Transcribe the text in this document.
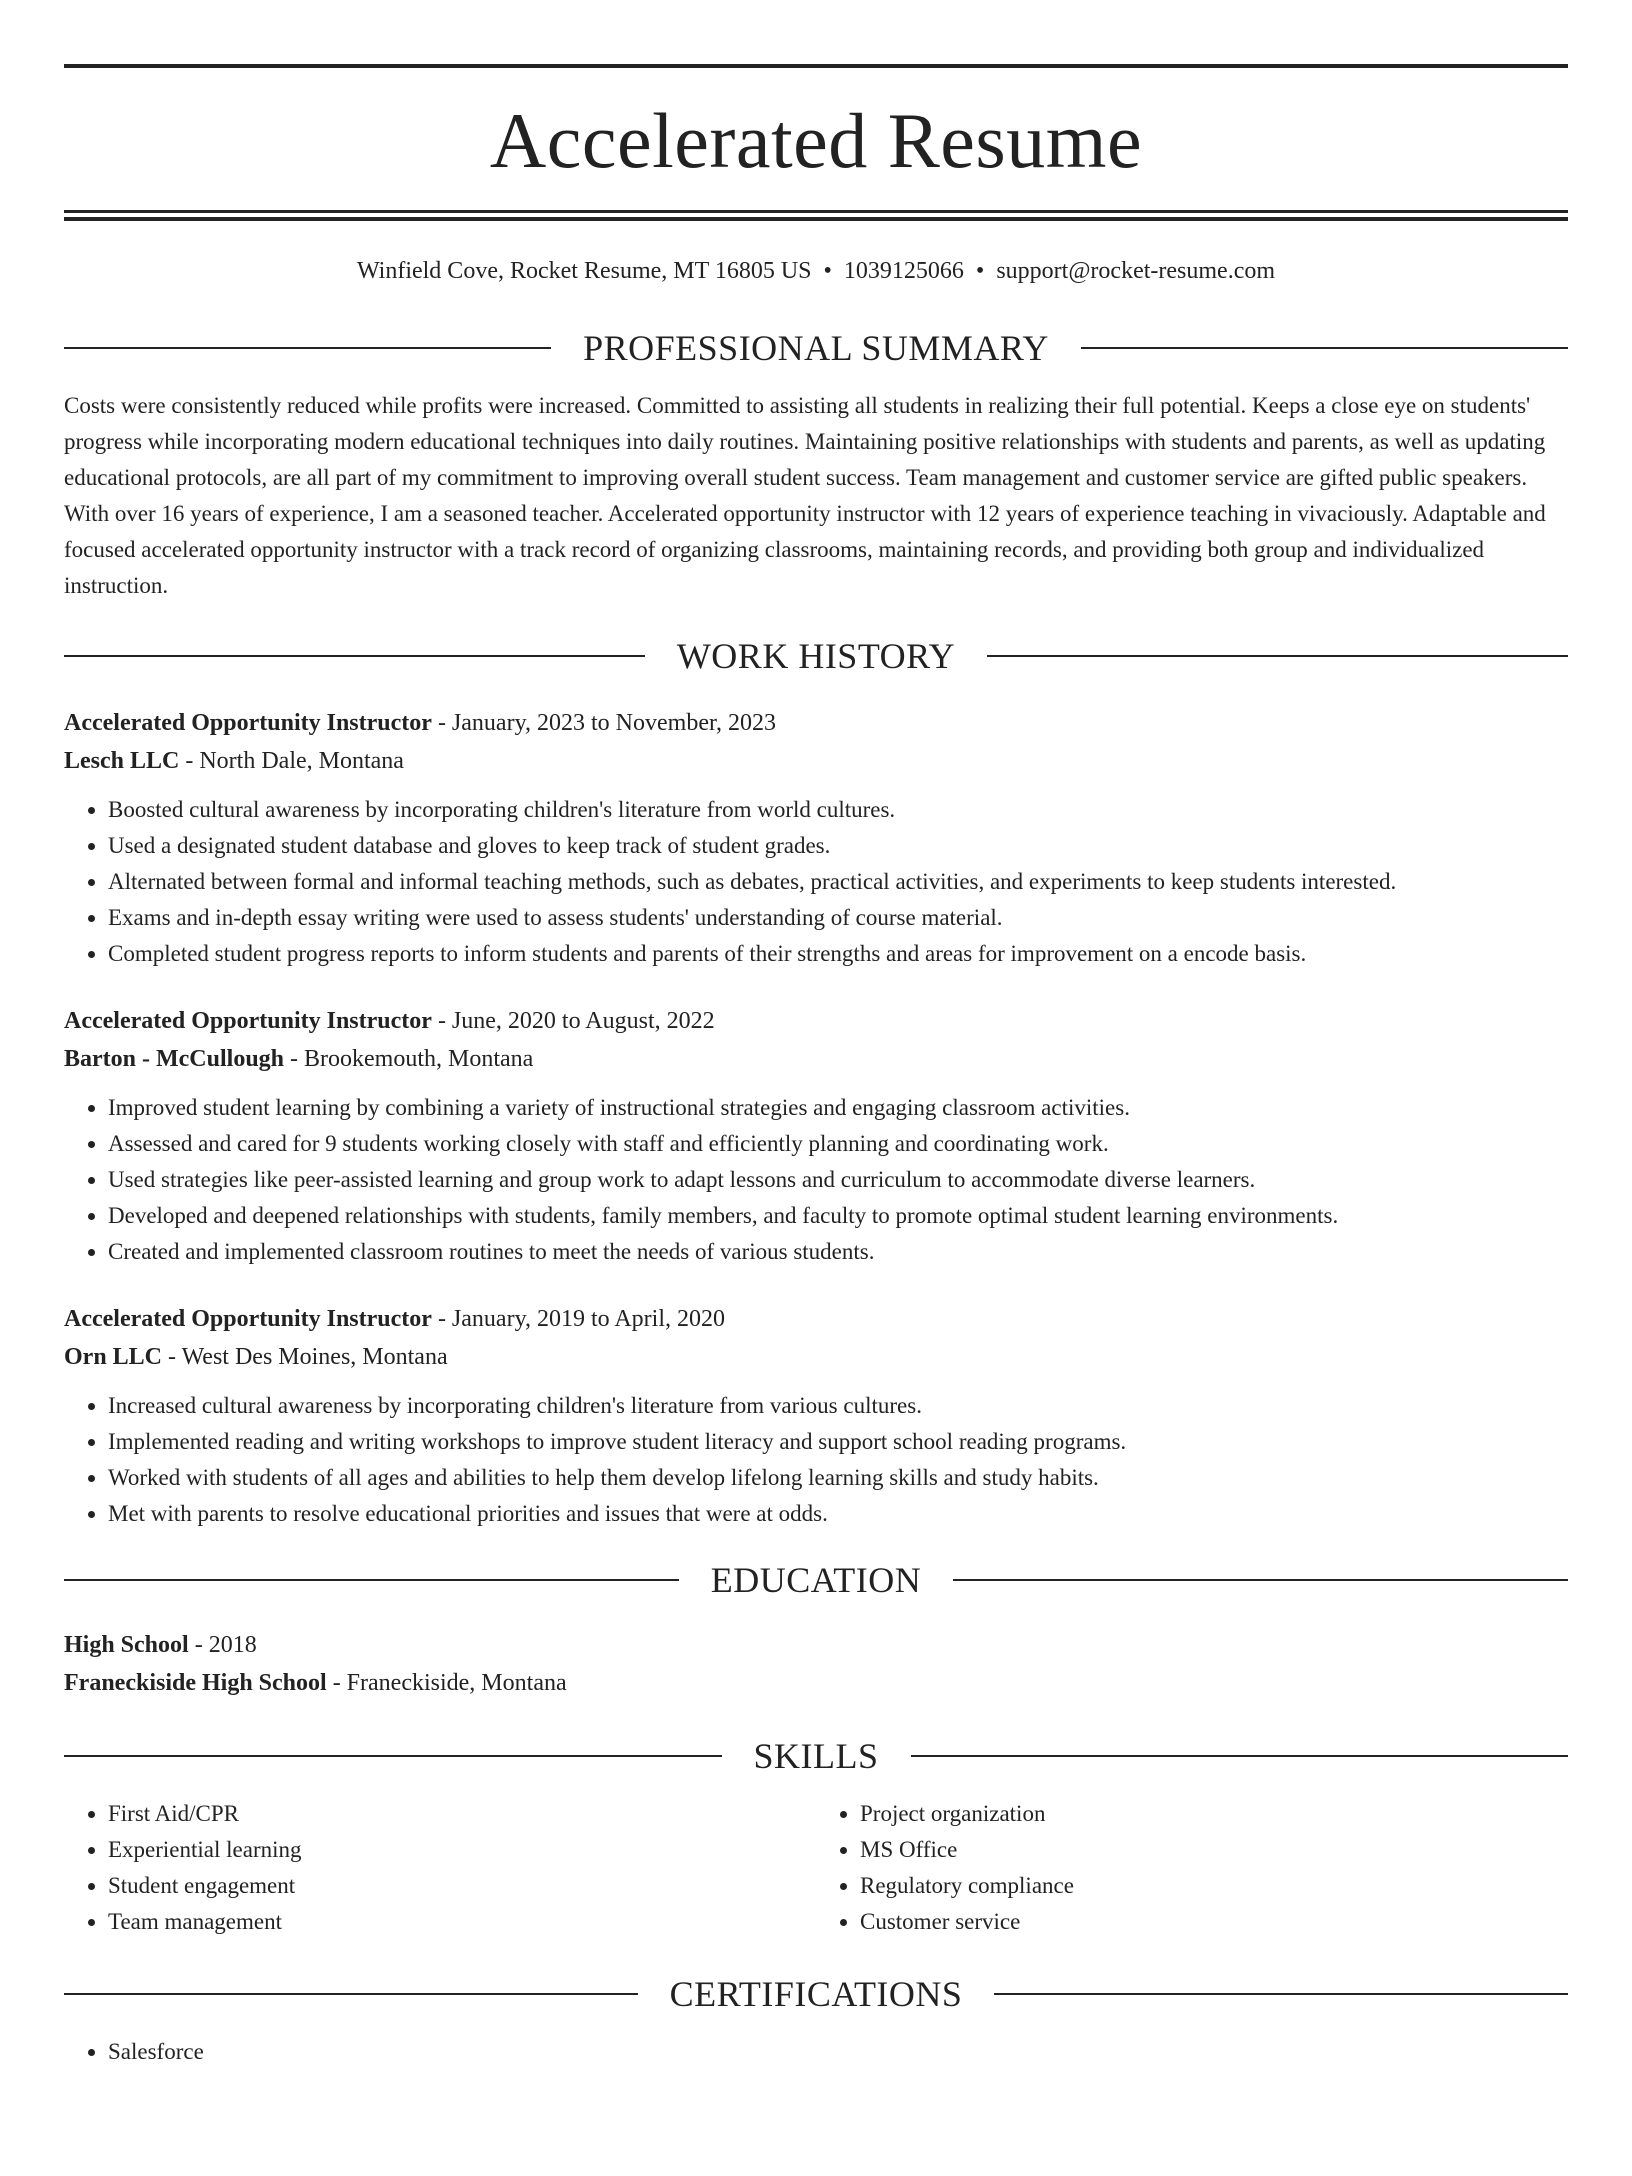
Accelerated Resume
Winfield Cove, Rocket Resume, MT 16805 US • 1039125066 • support@rocket-resume.com
PROFESSIONAL SUMMARY

Costs were consistently reduced while profits were increased. Committed to assisting all students in realizing their full potential. Keeps a close eye on students' progress while incorporating modern educational techniques into daily routines. Maintaining positive relationships with students and parents, as well as updating educational protocols, are all part of my commitment to improving overall student success. Team management and customer service are gifted public speakers. With over 16 years of experience, I am a seasoned teacher. Accelerated opportunity instructor with 12 years of experience teaching in vivaciously. Adaptable and focused accelerated opportunity instructor with a track record of organizing classrooms, maintaining records, and providing both group and individualized instruction.

WORK HISTORY
Accelerated Opportunity Instructor - January, 2023 to November, 2023
Lesch LLC - North Dale, Montana
• Boosted cultural awareness by incorporating children's literature from world cultures.
• Used a designated student database and gloves to keep track of student grades.
• Alternated between formal and informal teaching methods, such as debates, practical activities, and experiments to keep students interested.
• Exams and in-depth essay writing were used to assess students' understanding of course material.
• Completed student progress reports to inform students and parents of their strengths and areas for improvement on a encode basis.
Accelerated Opportunity Instructor - June, 2020 to August, 2022
Barton - McCullough - Brookemouth, Montana
• Improved student learning by combining a variety of instructional strategies and engaging classroom activities.
• Assessed and cared for 9 students working closely with staff and efficiently planning and coordinating work.
• Used strategies like peer-assisted learning and group work to adapt lessons and curriculum to accommodate diverse learners.
• Developed and deepened relationships with students, family members, and faculty to promote optimal student learning environments.
• Created and implemented classroom routines to meet the needs of various students.
Accelerated Opportunity Instructor - January, 2019 to April, 2020
Orn LLC - West Des Moines, Montana
• Increased cultural awareness by incorporating children's literature from various cultures.
• Implemented reading and writing workshops to improve student literacy and support school reading programs.
• Worked with students of all ages and abilities to help them develop lifelong learning skills and study habits.
• Met with parents to resolve educational priorities and issues that were at odds.
EDUCATION
High School - 2018
Franeckiside High School - Franeckiside, Montana
SKILLS
• First Aid/CPR
• Experiential learning
• Student engagement
• Team management
• Project organization
• MS Office
• Regulatory compliance
• Customer service
CERTIFICATIONS
• Salesforce
